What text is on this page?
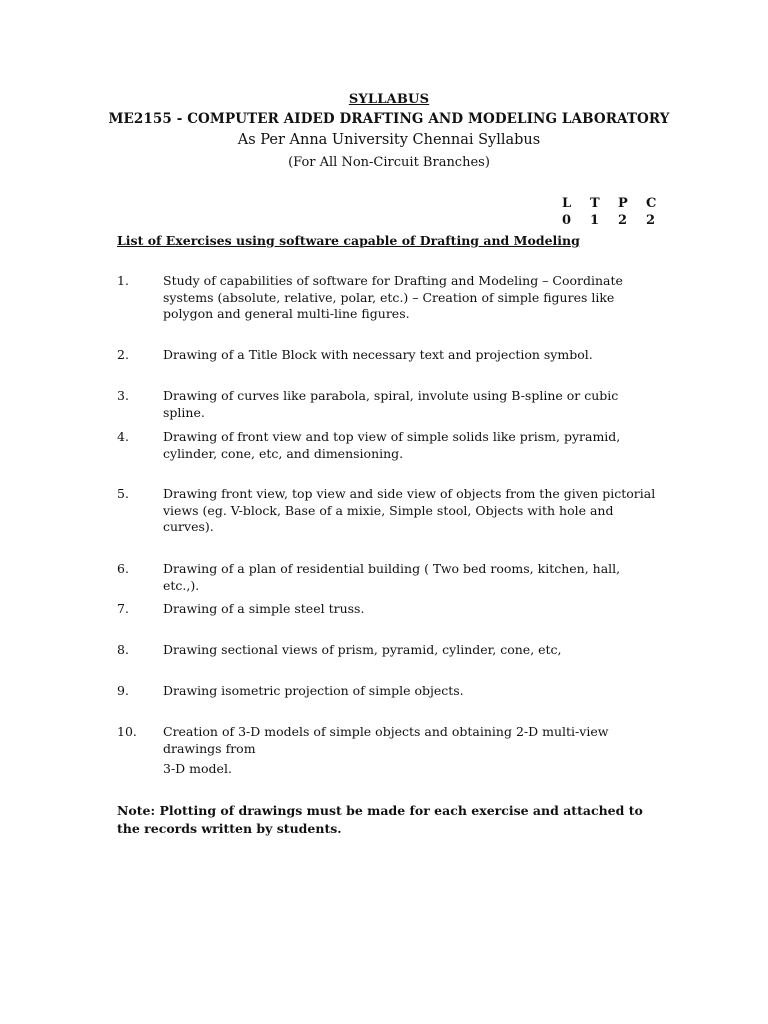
SYLLABUS
ME2155 - COMPUTER AIDED DRAFTING AND MODELING LABORATORY
As Per Anna University Chennai Syllabus
(For All Non-Circuit Branches)
L	T	P	C
0	1	2	2
List of Exercises using software capable of Drafting and Modeling
1.	Study of capabilities of software for Drafting and Modeling – Coordinate systems (absolute, relative, polar, etc.) – Creation of simple figures like polygon and general multi-line figures.
2.	Drawing of a Title Block with necessary text and projection symbol.
3.	Drawing of curves like parabola, spiral, involute using B-spline or cubic spline.
4.	Drawing of front view and top view of simple solids like prism, pyramid, cylinder, cone, etc, and dimensioning.
5.	Drawing front view, top view and side view of objects from the given pictorial views (eg. V-block, Base of a mixie, Simple stool, Objects with hole and curves).
6.	Drawing of a plan of residential building ( Two bed rooms, kitchen, hall, etc.,).
7.	Drawing of a simple steel truss.
8.	Drawing sectional views of prism, pyramid, cylinder, cone, etc,
9.	Drawing isometric projection of simple objects.
10. Creation of 3-D models of simple objects and obtaining 2-D multi-view drawings from
3-D model.
Note: Plotting of drawings must be made for each exercise and attached to the records written by students.
